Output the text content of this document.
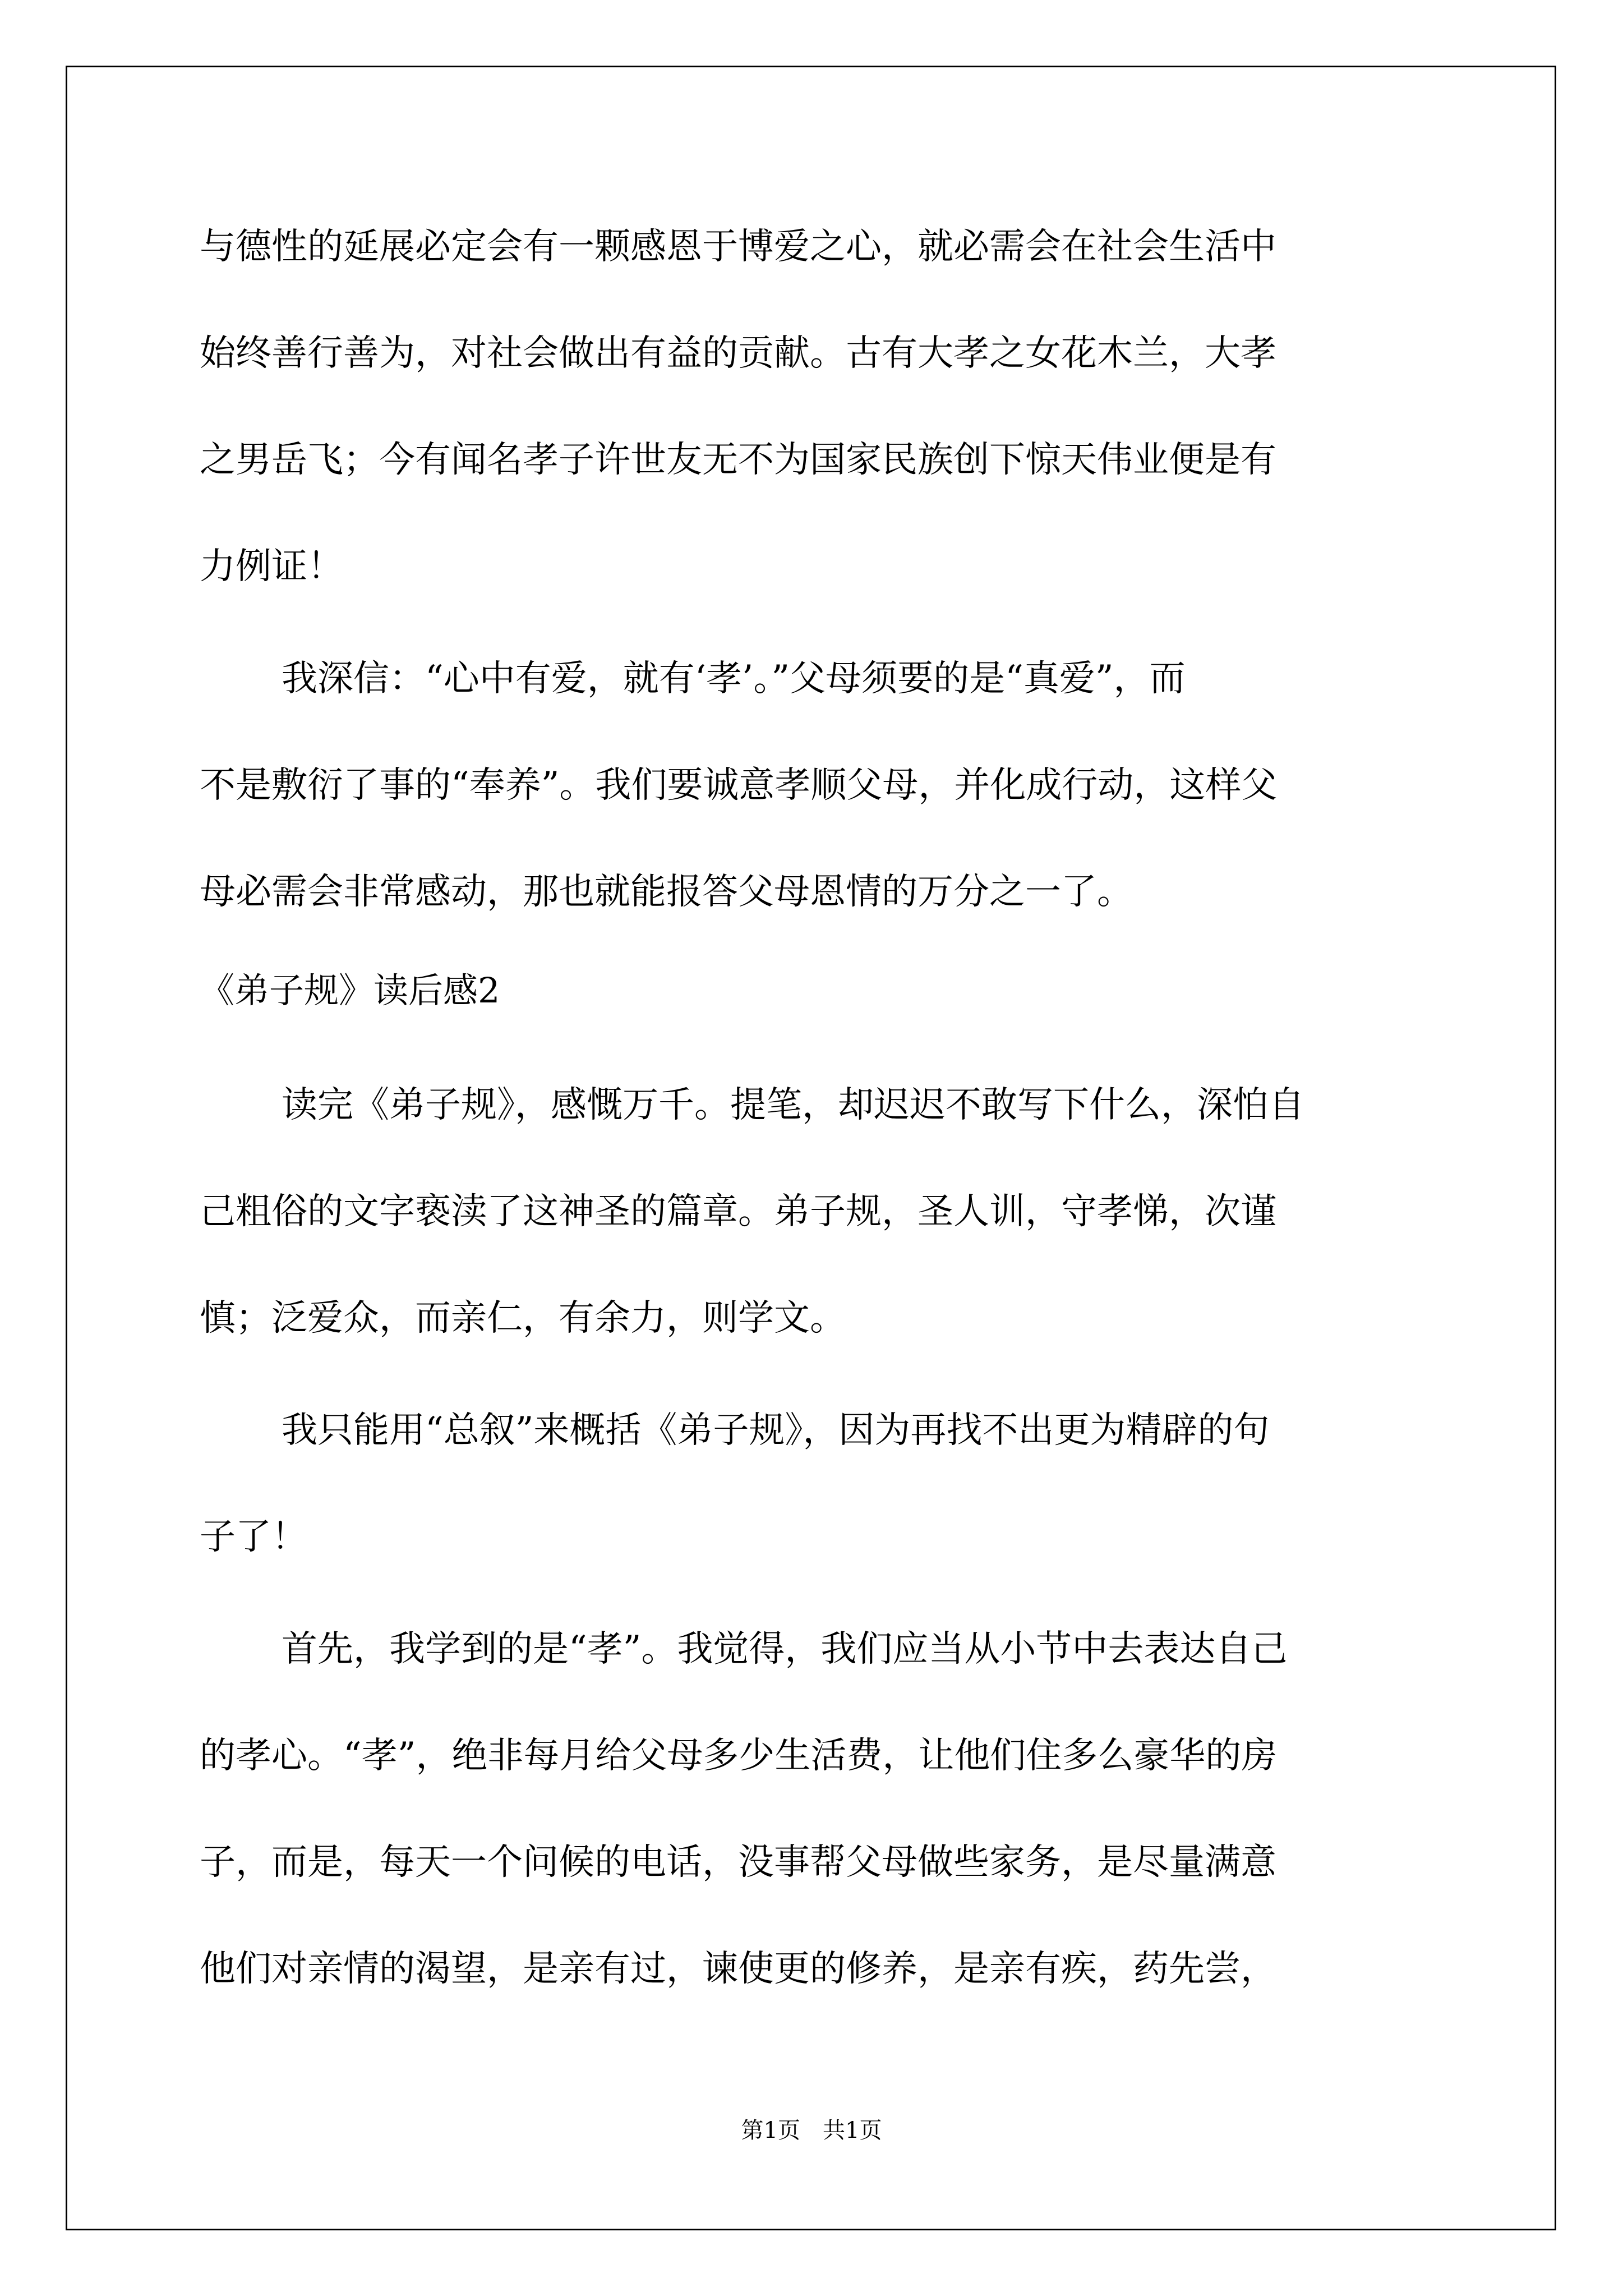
与德性的延展必定会有一颗感恩于博爱之心，就必需会在社会生活中
始终善行善为，对社会做出有益的贡献。古有大孝之女花木兰，大孝
之男岳飞；今有闻名孝子许世友无不为国家民族创下惊天伟业便是有
力例证！
我深信：“心中有爱，就有‘孝’。”父母须要的是“真爱”，而
不是敷衍了事的“奉养”。我们要诚意孝顺父母，并化成行动，这样父
母必需会非常感动，那也就能报答父母恩情的万分之一了。
《弟子规》读后感2
读完《弟子规》，感慨万千。提笔，却迟迟不敢写下什么，深怕自
己粗俗的文字亵渎了这神圣的篇章。弟子规，圣人训，守孝悌，次谨
慎；泛爱众，而亲仁，有余力，则学文。
我只能用“总叙”来概括《弟子规》，因为再找不出更为精辟的句
子了！
首先，我学到的是“孝”。我觉得，我们应当从小节中去表达自己
的孝心。“孝”，绝非每月给父母多少生活费，让他们住多么豪华的房
子，而是，每天一个问候的电话，没事帮父母做些家务，是尽量满意
他们对亲情的渴望，是亲有过，谏使更的修养，是亲有疾，药先尝，
第1页　共1页
